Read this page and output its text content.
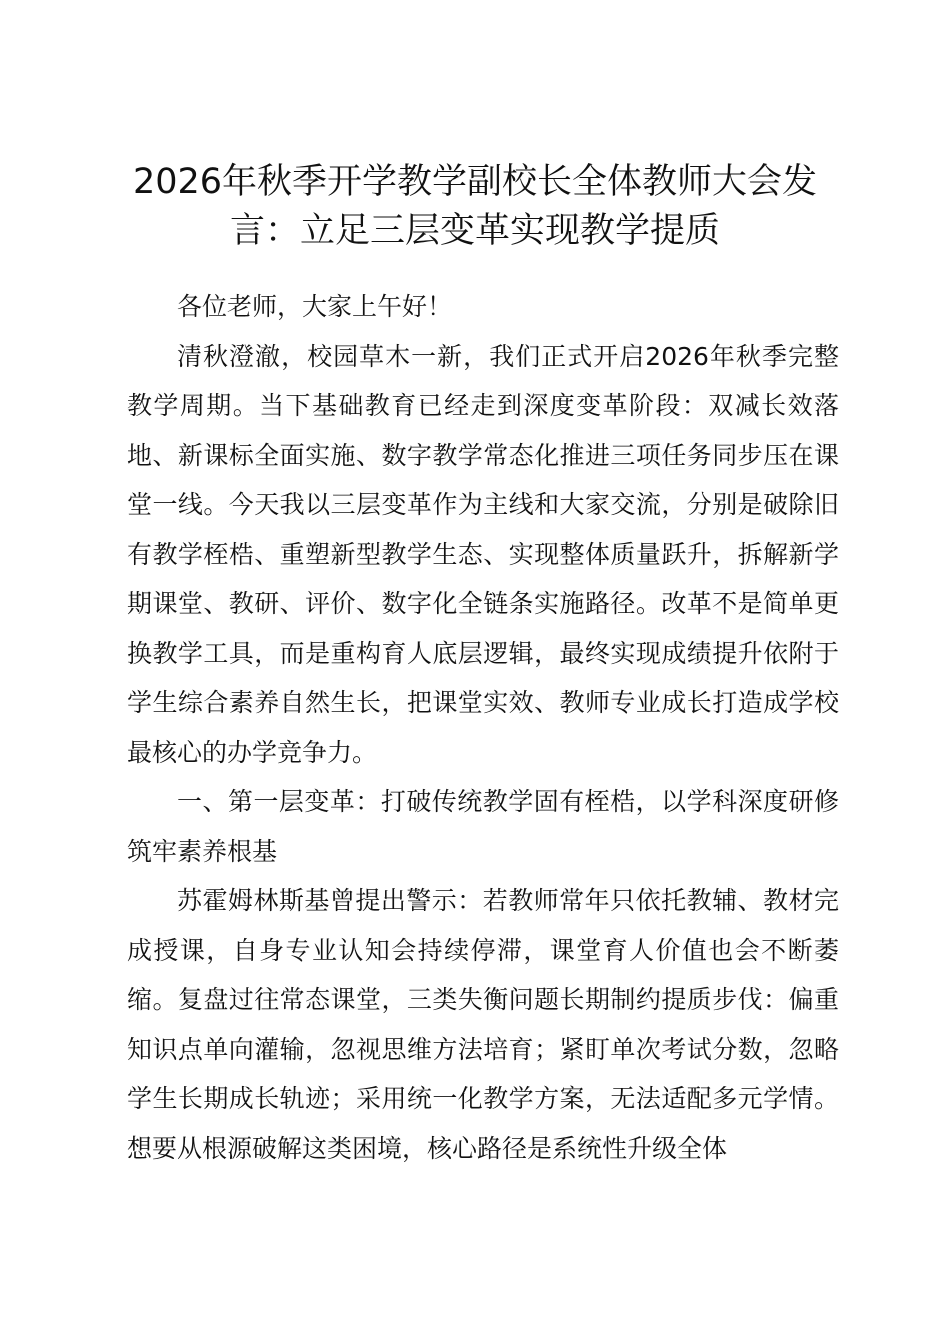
2026年秋季开学教学副校长全体教师大会发言：立足三层变革实现教学提质

各位老师，大家上午好！

清秋澄澈，校园草木一新，我们正式开启2026年秋季完整教学周期。当下基础教育已经走到深度变革阶段：双减长效落地、新课标全面实施、数字教学常态化推进三项任务同步压在课堂一线。今天我以三层变革作为主线和大家交流，分别是破除旧有教学桎梏、重塑新型教学生态、实现整体质量跃升，拆解新学期课堂、教研、评价、数字化全链条实施路径。改革不是简单更换教学工具，而是重构育人底层逻辑，最终实现成绩提升依附于学生综合素养自然生长，把课堂实效、教师专业成长打造成学校最核心的办学竞争力。

一、第一层变革：打破传统教学固有桎梏，以学科深度研修筑牢素养根基

苏霍姆林斯基曾提出警示：若教师常年只依托教辅、教材完成授课，自身专业认知会持续停滞，课堂育人价值也会不断萎缩。复盘过往常态课堂，三类失衡问题长期制约提质步伐：偏重知识点单向灌输，忽视思维方法培育；紧盯单次考试分数，忽略学生长期成长轨迹；采用统一化教学方案，无法适配多元学情。想要从根源破解这类困境，核心路径是系统性升级全体
